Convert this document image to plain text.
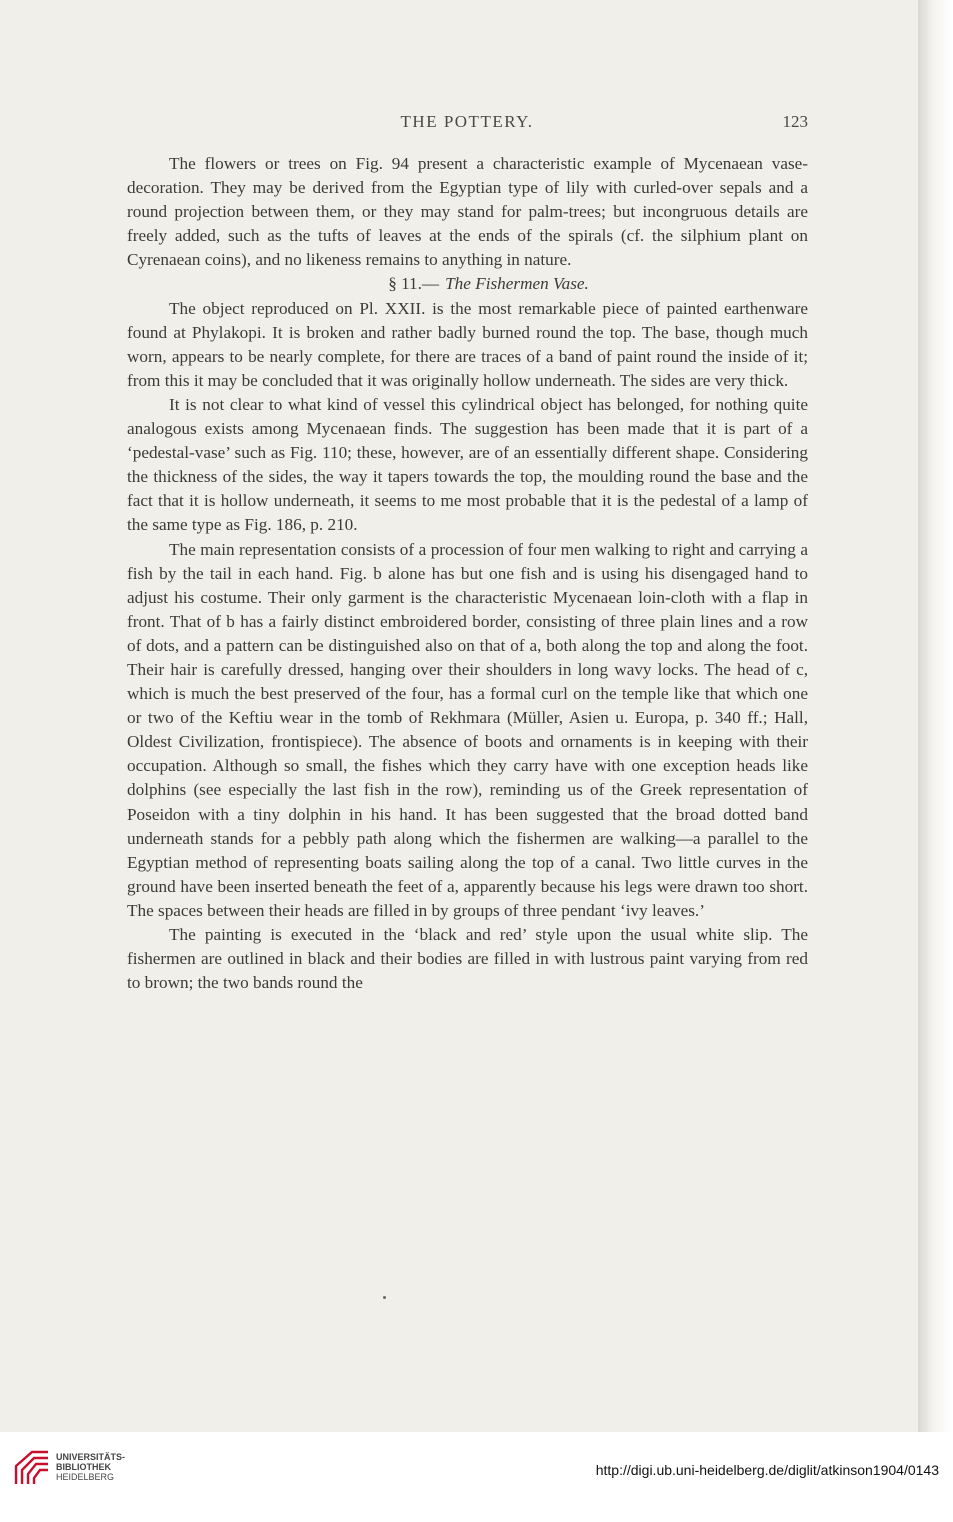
THE POTTERY.	123

The flowers or trees on Fig. 94 present a characteristic example of Mycenaean vase-decoration. They may be derived from the Egyptian type of lily with curled-over sepals and a round projection between them, or they may stand for palm-trees; but incongruous details are freely added, such as the tufts of leaves at the ends of the spirals (cf. the silphium plant on Cyrenaean coins), and no likeness remains to anything in nature.

§ 11.— The Fishermen Vase.

The object reproduced on Pl. XXII. is the most remarkable piece of painted earthenware found at Phylakopi. It is broken and rather badly burned round the top. The base, though much worn, appears to be nearly complete, for there are traces of a band of paint round the inside of it; from this it may be concluded that it was originally hollow underneath. The sides are very thick.

It is not clear to what kind of vessel this cylindrical object has belonged, for nothing quite analogous exists among Mycenaean finds. The suggestion has been made that it is part of a ‘pedestal-vase’ such as Fig. 110; these, however, are of an essentially different shape. Considering the thickness of the sides, the way it tapers towards the top, the moulding round the base and the fact that it is hollow underneath, it seems to me most probable that it is the pedestal of a lamp of the same type as Fig. 186, p. 210.

The main representation consists of a procession of four men walking to right and carrying a fish by the tail in each hand. Fig. b alone has but one fish and is using his disengaged hand to adjust his costume. Their only garment is the characteristic Mycenaean loin-cloth with a flap in front. That of b has a fairly distinct embroidered border, consisting of three plain lines and a row of dots, and a pattern can be distinguished also on that of a, both along the top and along the foot. Their hair is carefully dressed, hanging over their shoulders in long wavy locks. The head of c, which is much the best preserved of the four, has a formal curl on the temple like that which one or two of the Keftiu wear in the tomb of Rekhmara (Müller, Asien u. Europa, p. 340 ff.; Hall, Oldest Civilization, frontispiece). The absence of boots and ornaments is in keeping with their occupation. Although so small, the fishes which they carry have with one exception heads like dolphins (see especially the last fish in the row), reminding us of the Greek representation of Poseidon with a tiny dolphin in his hand. It has been suggested that the broad dotted band underneath stands for a pebbly path along which the fishermen are walking—a parallel to the Egyptian method of representing boats sailing along the top of a canal. Two little curves in the ground have been inserted beneath the feet of a, apparently because his legs were drawn too short. The spaces between their heads are filled in by groups of three pendant ‘ivy leaves.’

The painting is executed in the ‘black and red’ style upon the usual white slip. The fishermen are outlined in black and their bodies are filled in with lustrous paint varying from red to brown; the two bands round the

UNIVERSITÄTS-
BIBLIOTHEK
HEIDELBERG	http://digi.ub.uni-heidelberg.de/diglit/atkinson1904/0143
